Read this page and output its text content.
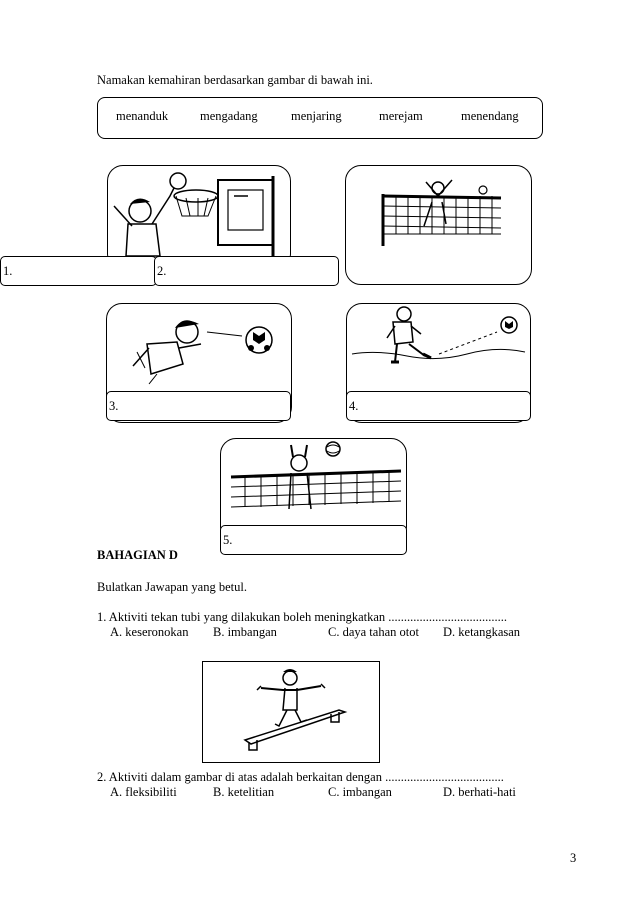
Namakan kemahiran berdasarkan gambar di bawah ini.
menanduk	mengadang	menjaring	merejam	menendang
1.	2.
3.	4.
5.
BAHAGIAN D
Bulatkan Jawapan yang betul.
1. Aktiviti tekan tubi yang dilakukan boleh meningkatkan ......................................
A. keseronokan B. imbangan	C. daya tahan otot D. ketangkasan
2. Aktiviti dalam gambar di atas adalah berkaitan dengan ......................................
A. fleksibiliti	B. ketelitian	C. imbangan	D. berhati-hati
3
